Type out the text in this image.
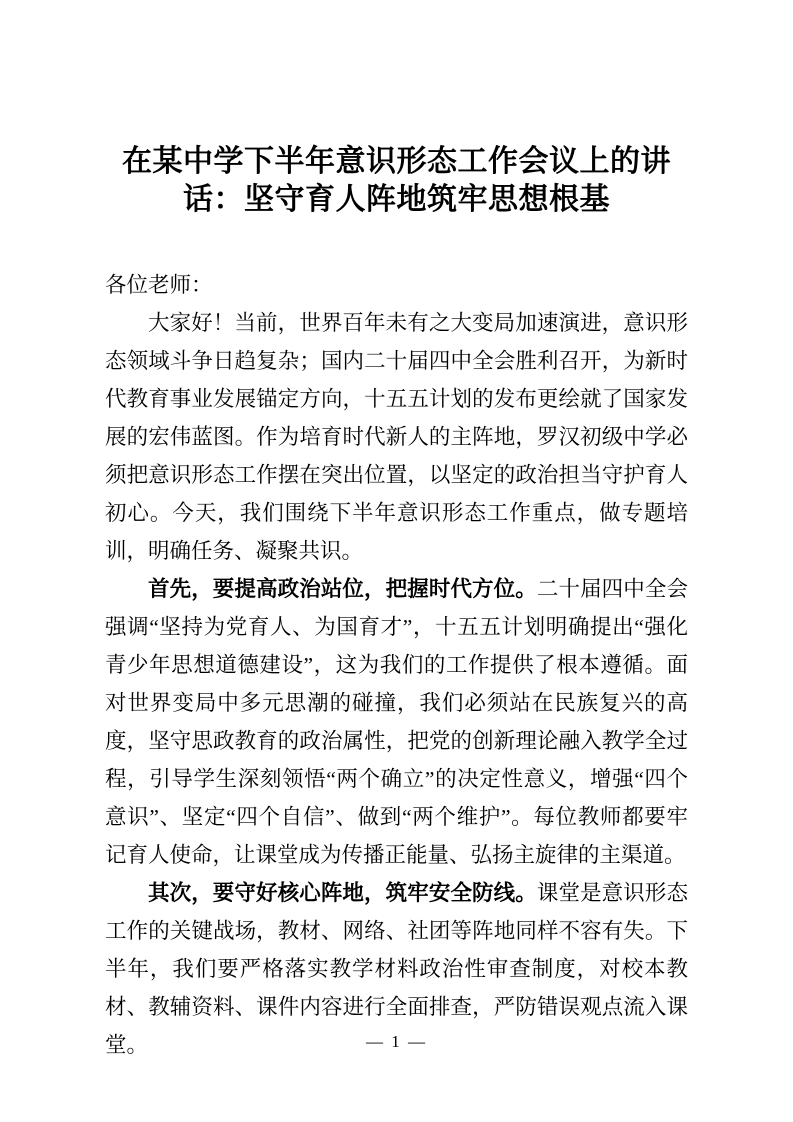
在某中学下半年意识形态工作会议上的讲
话：坚守育人阵地筑牢思想根基

各位老师：

大家好！当前，世界百年未有之大变局加速演进，意识形态领域斗争日趋复杂；国内二十届四中全会胜利召开，为新时代教育事业发展锚定方向，十五五计划的发布更绘就了国家发展的宏伟蓝图。作为培育时代新人的主阵地，罗汉初级中学必须把意识形态工作摆在突出位置，以坚定的政治担当守护育人初心。今天，我们围绕下半年意识形态工作重点，做专题培训，明确任务、凝聚共识。

首先，要提高政治站位，把握时代方位。二十届四中全会强调“坚持为党育人、为国育才”，十五五计划明确提出“强化青少年思想道德建设”，这为我们的工作提供了根本遵循。面对世界变局中多元思潮的碰撞，我们必须站在民族复兴的高度，坚守思政教育的政治属性，把党的创新理论融入教学全过程，引导学生深刻领悟“两个确立”的决定性意义，增强“四个意识”、坚定“四个自信”、做到“两个维护”。每位教师都要牢记育人使命，让课堂成为传播正能量、弘扬主旋律的主渠道。

其次，要守好核心阵地，筑牢安全防线。课堂是意识形态工作的关键战场，教材、网络、社团等阵地同样不容有失。下半年，我们要严格落实教学材料政治性审查制度，对校本教材、教辅资料、课件内容进行全面排查，严防错误观点流入课堂。	— 1 —
